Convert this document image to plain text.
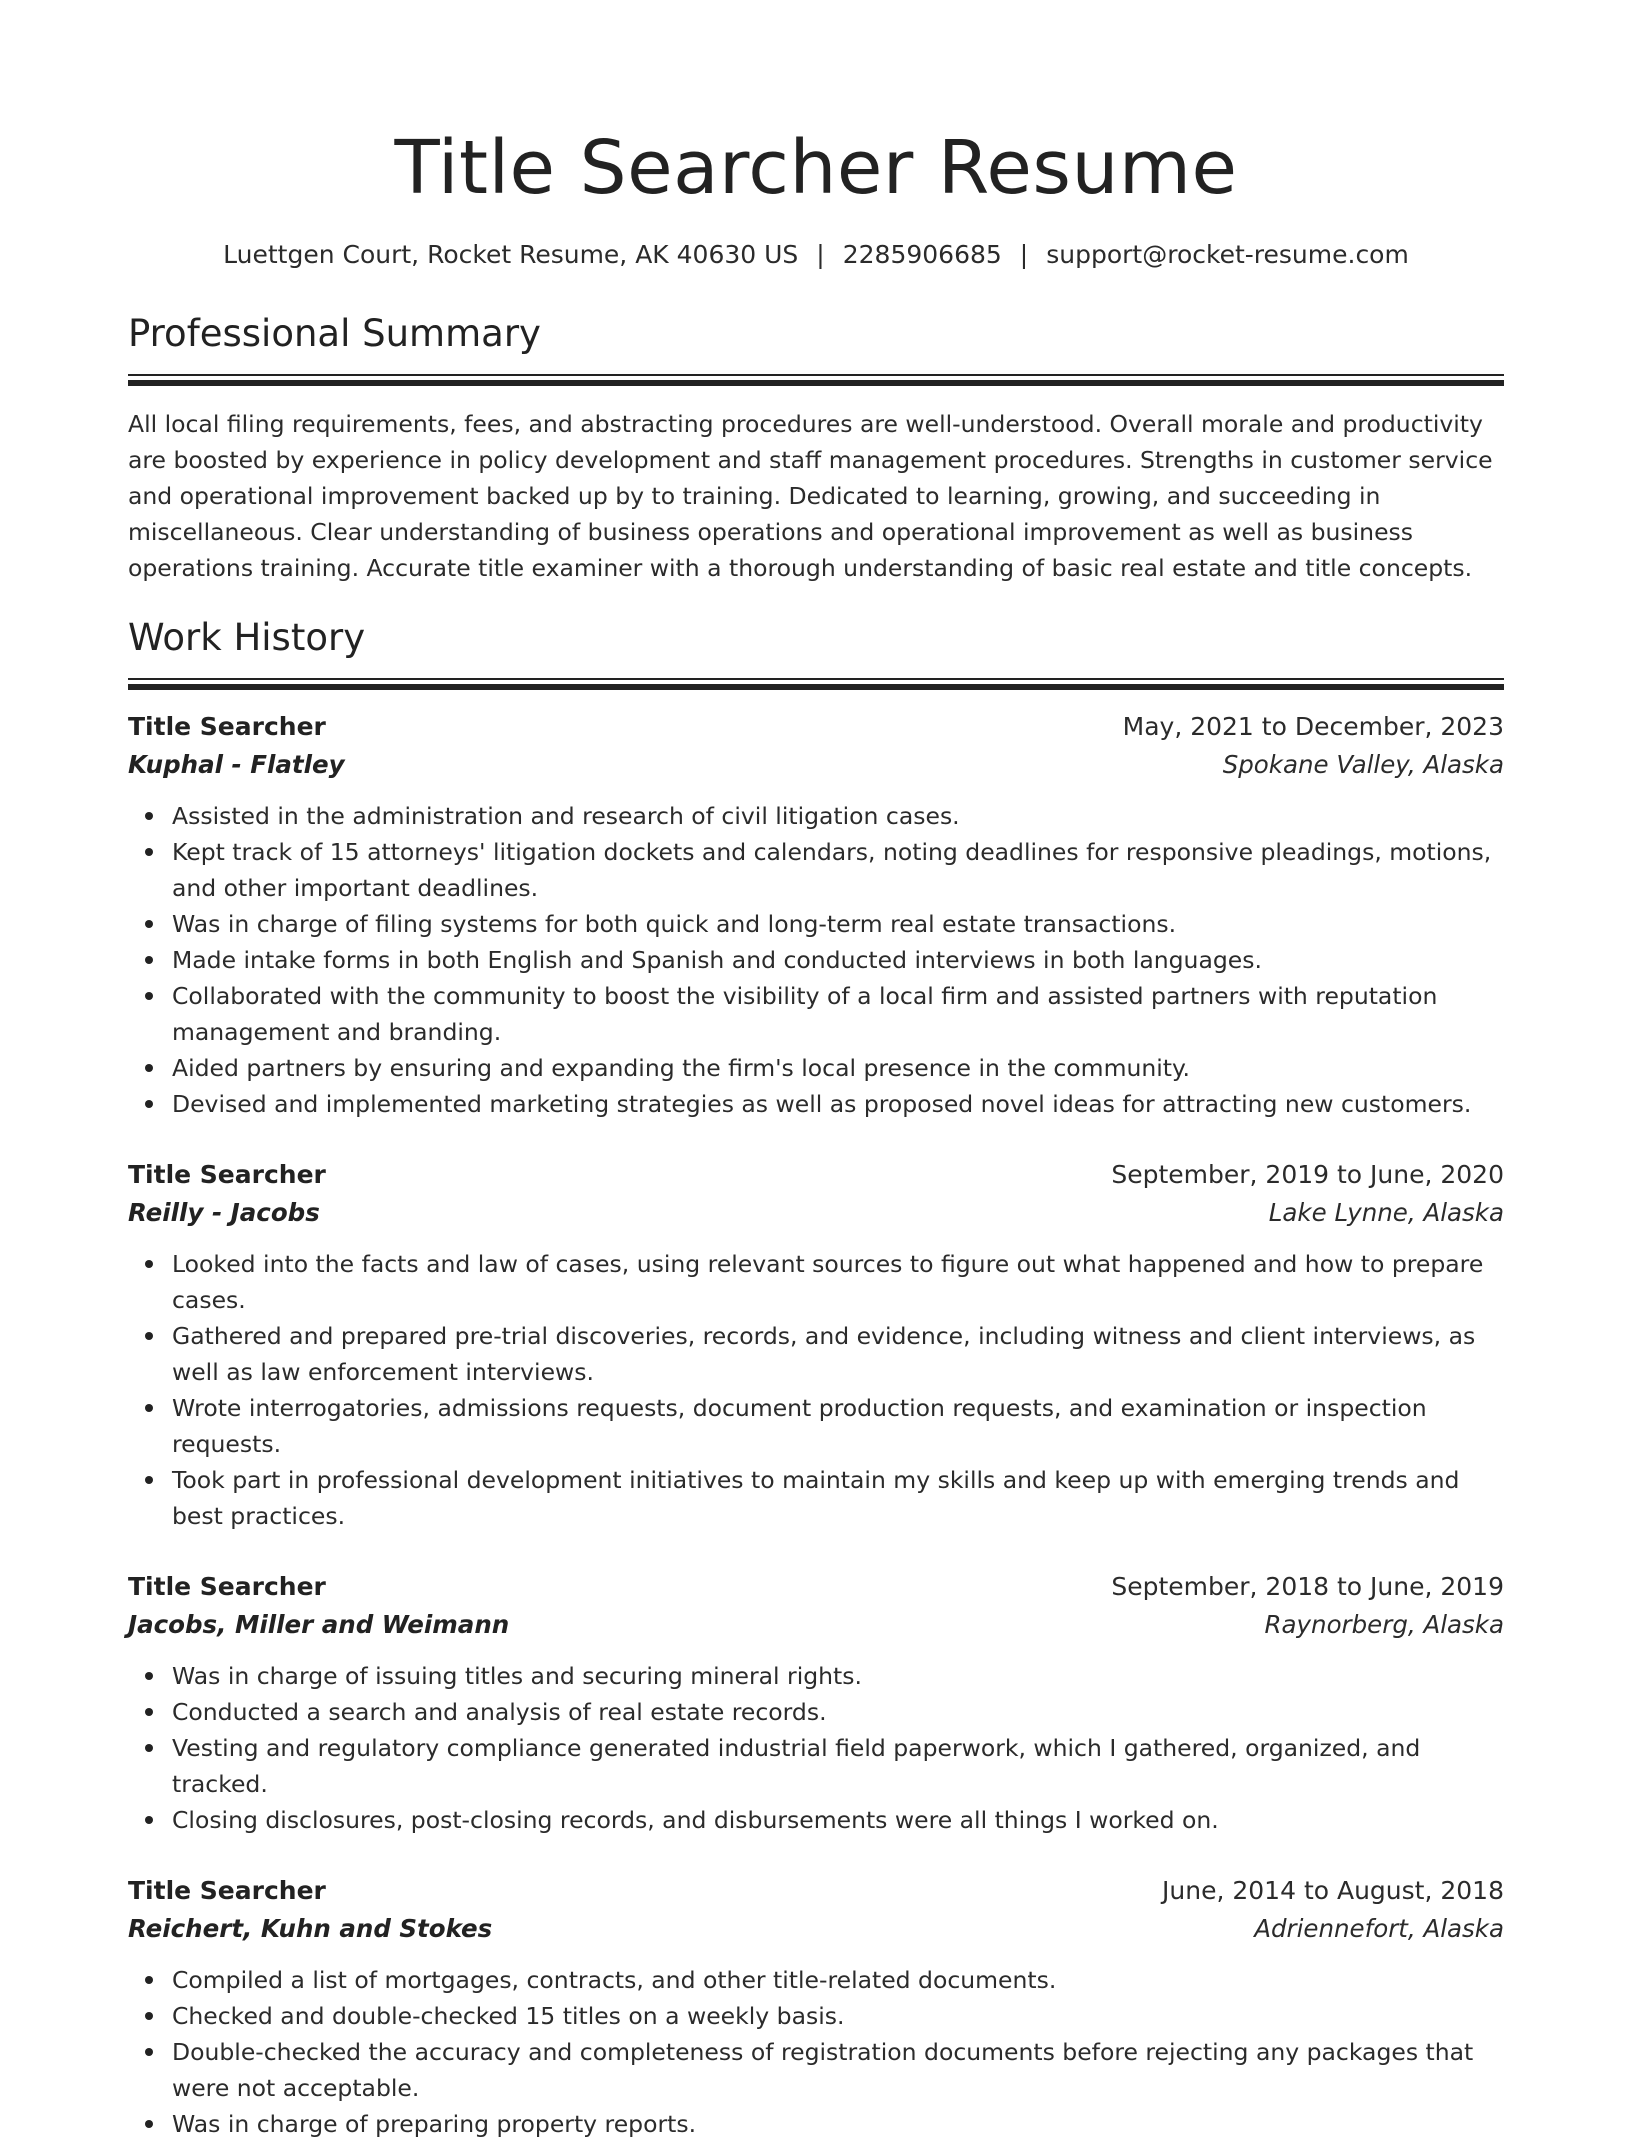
Title Searcher Resume
Luettgen Court, Rocket Resume, AK 40630 US | 2285906685 | support@rocket-resume.com
Professional Summary

All local filing requirements, fees, and abstracting procedures are well-understood. Overall morale and productivity are boosted by experience in policy development and staff management procedures. Strengths in customer service and operational improvement backed up by to training. Dedicated to learning, growing, and succeeding in miscellaneous. Clear understanding of business operations and operational improvement as well as business operations training. Accurate title examiner with a thorough understanding of basic real estate and title concepts.

Work History
Title Searcher	May, 2021 to December, 2023
Kuphal - Flatley	Spokane Valley, Alaska
Assisted in the administration and research of civil litigation cases.
Kept track of 15 attorneys' litigation dockets and calendars, noting deadlines for responsive pleadings, motions, and other important deadlines.
Was in charge of filing systems for both quick and long-term real estate transactions.
Made intake forms in both English and Spanish and conducted interviews in both languages.
Collaborated with the community to boost the visibility of a local firm and assisted partners with reputation management and branding.
Aided partners by ensuring and expanding the firm's local presence in the community.
Devised and implemented marketing strategies as well as proposed novel ideas for attracting new customers.
Title Searcher	September, 2019 to June, 2020
Reilly - Jacobs	Lake Lynne, Alaska
Looked into the facts and law of cases, using relevant sources to figure out what happened and how to prepare cases.
Gathered and prepared pre-trial discoveries, records, and evidence, including witness and client interviews, as well as law enforcement interviews.
Wrote interrogatories, admissions requests, document production requests, and examination or inspection requests.
Took part in professional development initiatives to maintain my skills and keep up with emerging trends and best practices.
Title Searcher	September, 2018 to June, 2019
Jacobs, Miller and Weimann	Raynorberg, Alaska
Was in charge of issuing titles and securing mineral rights.
Conducted a search and analysis of real estate records.
Vesting and regulatory compliance generated industrial field paperwork, which I gathered, organized, and tracked.
Closing disclosures, post-closing records, and disbursements were all things I worked on.
Title Searcher	June, 2014 to August, 2018
Reichert, Kuhn and Stokes	Adriennefort, Alaska
Compiled a list of mortgages, contracts, and other title-related documents.
Checked and double-checked 15 titles on a weekly basis.
Double-checked the accuracy and completeness of registration documents before rejecting any packages that were not acceptable.
Was in charge of preparing property reports.
